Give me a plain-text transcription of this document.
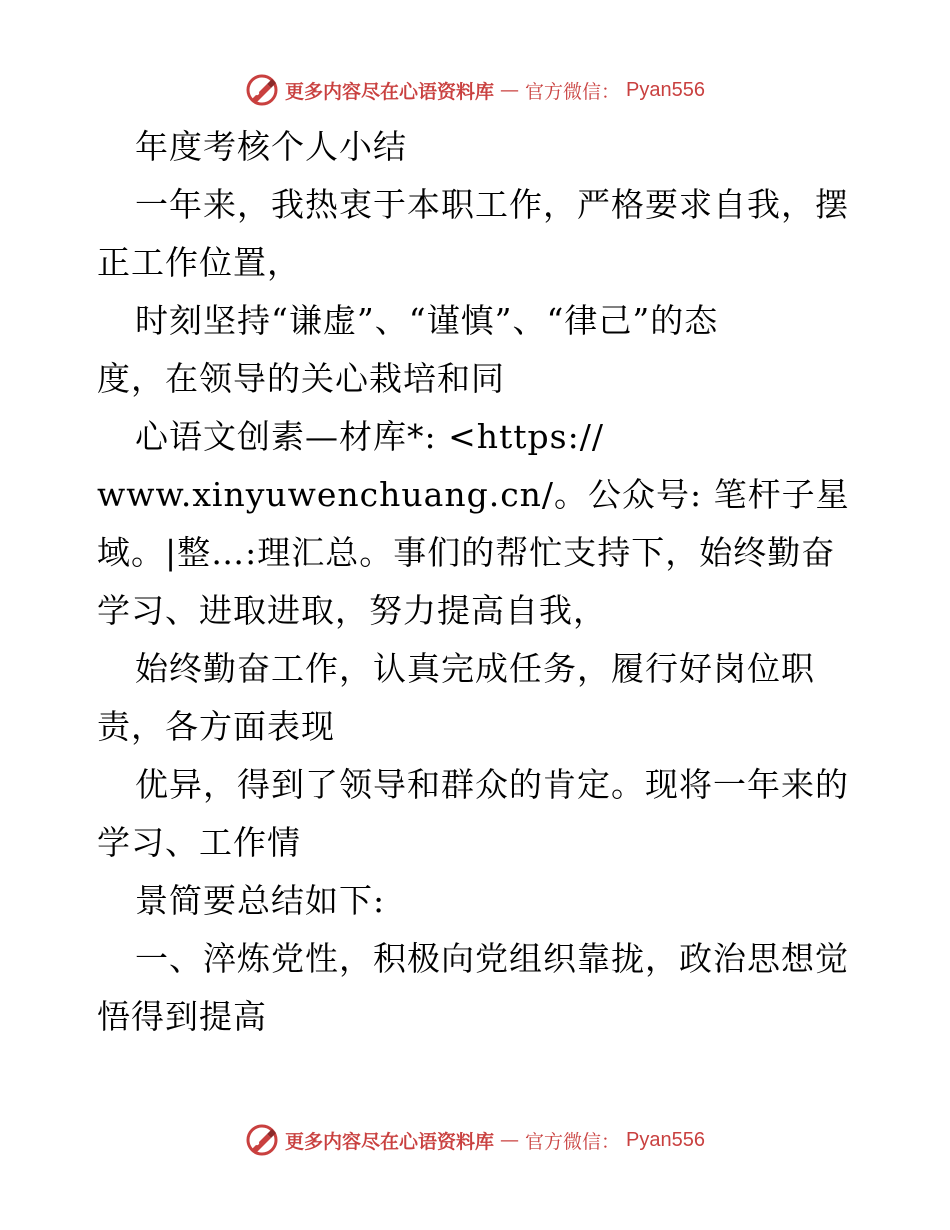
更多内容尽在心语资料库 — 官方微信： Pyan556
年度考核个人小结
一年来，我热衷于本职工作，严格要求自我，摆
正工作位置，
时刻坚持“谦虚”、“谨慎”、“律己”的态
度，在领导的关心栽培和同
心语文创素—材库*: <https://
www.xinyuwenchuang.cn/。公众号: 笔杆子星
域。|整…:理汇总。事们的帮忙支持下，始终勤奋
学习、进取进取，努力提高自我，
始终勤奋工作，认真完成任务，履行好岗位职
责，各方面表现
优异，得到了领导和群众的肯定。现将一年来的
学习、工作情
景简要总结如下:
一、淬炼党性，积极向党组织靠拢，政治思想觉
悟得到提高
更多内容尽在心语资料库 — 官方微信： Pyan556
